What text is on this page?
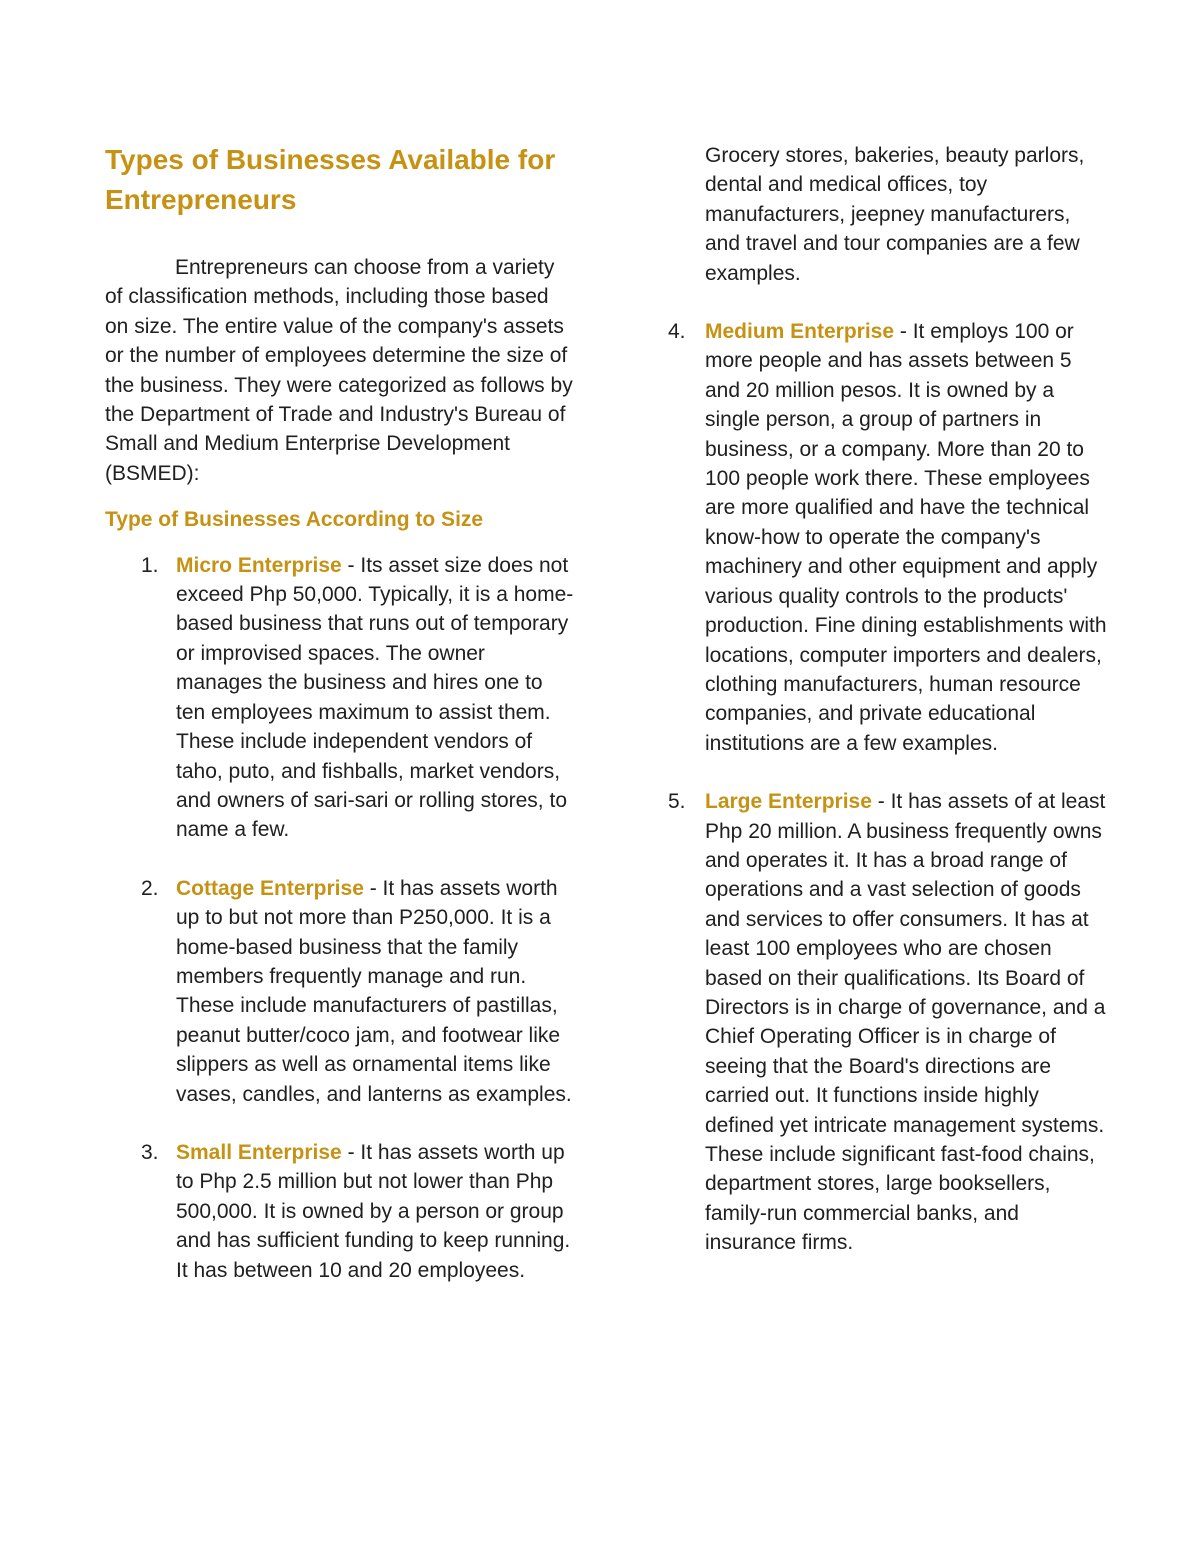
Types of Businesses Available for Entrepreneurs

Entrepreneurs can choose from a variety of classification methods, including those based on size. The entire value of the company's assets or the number of employees determine the size of the business. They were categorized as follows by the Department of Trade and Industry's Bureau of Small and Medium Enterprise Development (BSMED):

Type of Businesses According to Size
1. Micro Enterprise - Its asset size does not exceed Php 50,000. Typically, it is a home-based business that runs out of temporary or improvised spaces. The owner manages the business and hires one to ten employees maximum to assist them. These include independent vendors of taho, puto, and fishballs, market vendors, and owners of sari-sari or rolling stores, to name a few.
2. Cottage Enterprise - It has assets worth up to but not more than P250,000. It is a home-based business that the family members frequently manage and run. These include manufacturers of pastillas, peanut butter/coco jam, and footwear like slippers as well as ornamental items like vases, candles, and lanterns as examples.
3. Small Enterprise - It has assets worth up to Php 2.5 million but not lower than Php 500,000. It is owned by a person or group and has sufficient funding to keep running. It has between 10 and 20 employees.
Grocery stores, bakeries, beauty parlors, dental and medical offices, toy manufacturers, jeepney manufacturers, and travel and tour companies are a few examples.
4. Medium Enterprise - It employs 100 or more people and has assets between 5 and 20 million pesos. It is owned by a single person, a group of partners in business, or a company. More than 20 to 100 people work there. These employees are more qualified and have the technical know-how to operate the company's machinery and other equipment and apply various quality controls to the products' production. Fine dining establishments with locations, computer importers and dealers, clothing manufacturers, human resource companies, and private educational institutions are a few examples.
5. Large Enterprise - It has assets of at least Php 20 million. A business frequently owns and operates it. It has a broad range of operations and a vast selection of goods and services to offer consumers. It has at least 100 employees who are chosen based on their qualifications. Its Board of Directors is in charge of governance, and a Chief Operating Officer is in charge of seeing that the Board's directions are carried out. It functions inside highly defined yet intricate management systems. These include significant fast-food chains, department stores, large booksellers, family-run commercial banks, and insurance firms.
